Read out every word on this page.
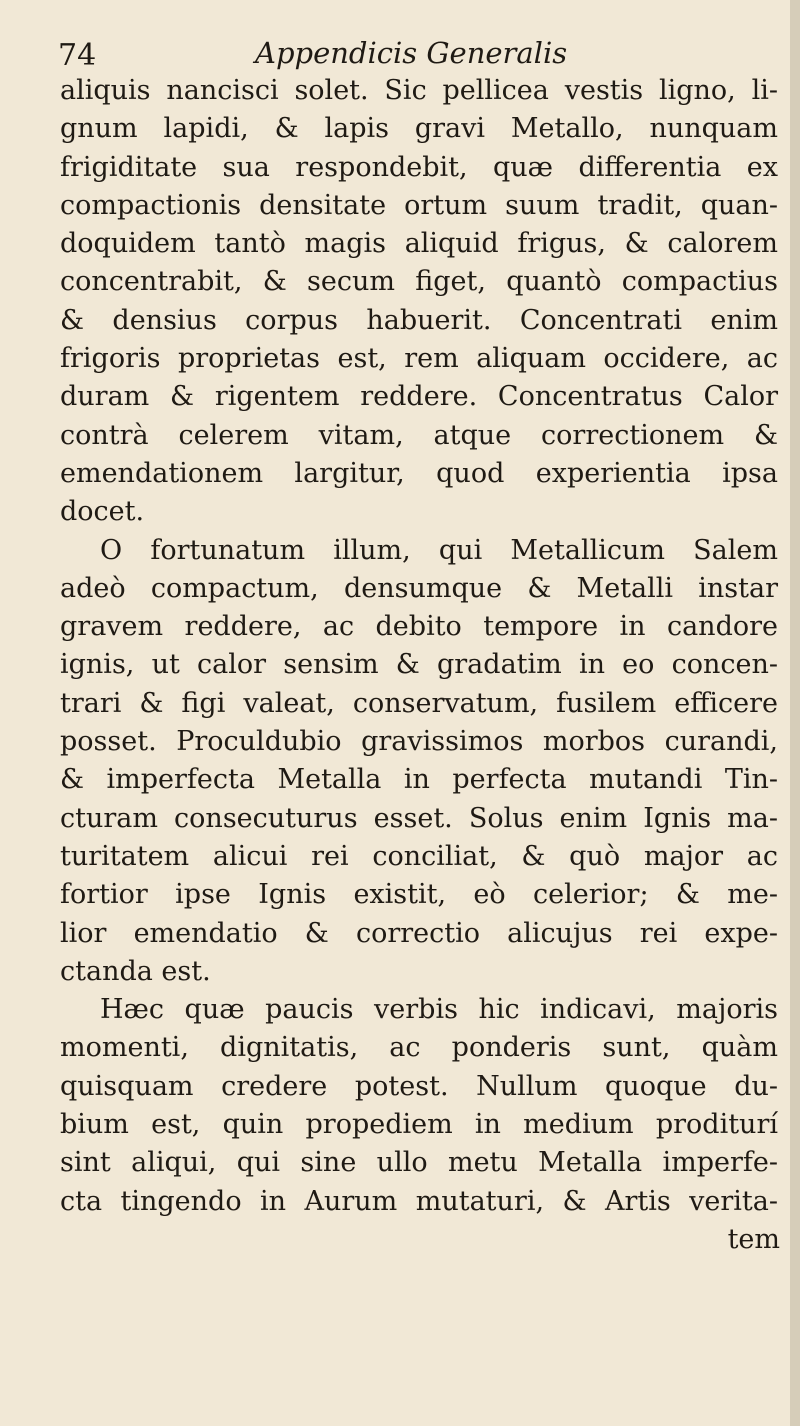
74	Appendicis Generalis
aliquis nancisci solet. Sic pellicea vestis ligno, li-
gnum lapidi, & lapis gravi Metallo, nunquam
frigiditate sua respondebit, quæ differentia ex
compactionis densitate ortum suum tradit, quan-
doquidem tantò magis aliquid frigus, & calorem
concentrabit, & secum figet, quantò compactius
& densius corpus habuerit. Concentrati enim
frigoris proprietas est, rem aliquam occidere, ac
duram & rigentem reddere. Concentratus Calor
contrà celerem vitam, atque correctionem &
emendationem largitur, quod experientia ipsa
docet.
O fortunatum illum, qui Metallicum Salem
adeò compactum, densumque & Metalli instar
gravem reddere, ac debito tempore in candore
ignis, ut calor sensim & gradatim in eo concen-
trari & figi valeat, conservatum, fusilem efficere
posset. Proculdubio gravissimos morbos curandi,
& imperfecta Metalla in perfecta mutandi Tin-
cturam consecuturus esset. Solus enim Ignis ma-
turitatem alicui rei conciliat, & quò major ac
fortior ipse Ignis existit, eò celerior; & me-
lior emendatio & correctio alicujus rei expe-
ctanda est.
Hæc quæ paucis verbis hic indicavi, majoris
momenti, dignitatis, ac ponderis sunt, quàm
quisquam credere potest. Nullum quoque du-
bium est, quin propediem in medium proditurí
sint aliqui, qui sine ullo metu Metalla imperfe-
cta tingendo in Aurum mutaturi, & Artis verita-
tem
